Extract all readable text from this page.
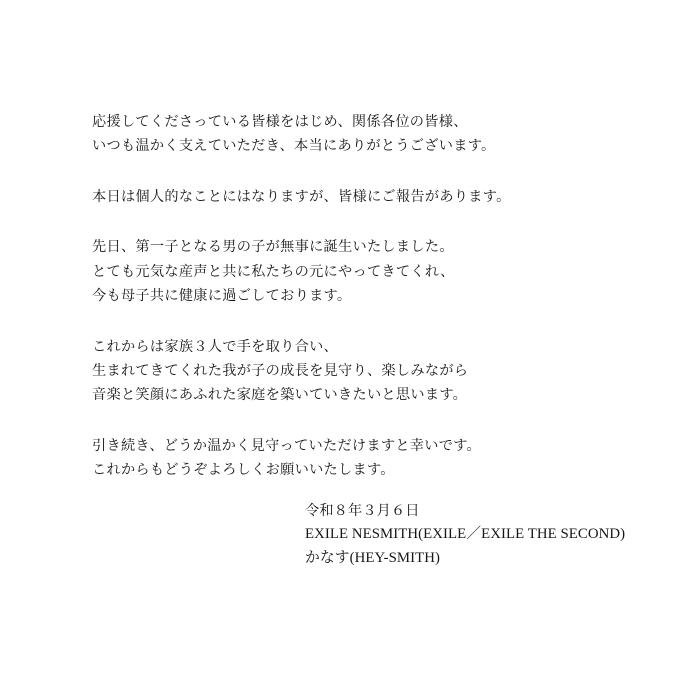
応援してくださっている皆様をはじめ、関係各位の皆様、
いつも温かく支えていただき、本当にありがとうございます。

本日は個人的なことにはなりますが、皆様にご報告があります。

先日、第一子となる男の子が無事に誕生いたしました。
とても元気な産声と共に私たちの元にやってきてくれ、
今も母子共に健康に過ごしております。

これからは家族３人で手を取り合い、
生まれてきてくれた我が子の成長を見守り、楽しみながら
音楽と笑顔にあふれた家庭を築いていきたいと思います。

引き続き、どうか温かく見守っていただけますと幸いです。
これからもどうぞよろしくお願いいたします。

令和８年３月６日
EXILE NESMITH(EXILE／EXILE THE SECOND)
かなす(HEY-SMITH)
